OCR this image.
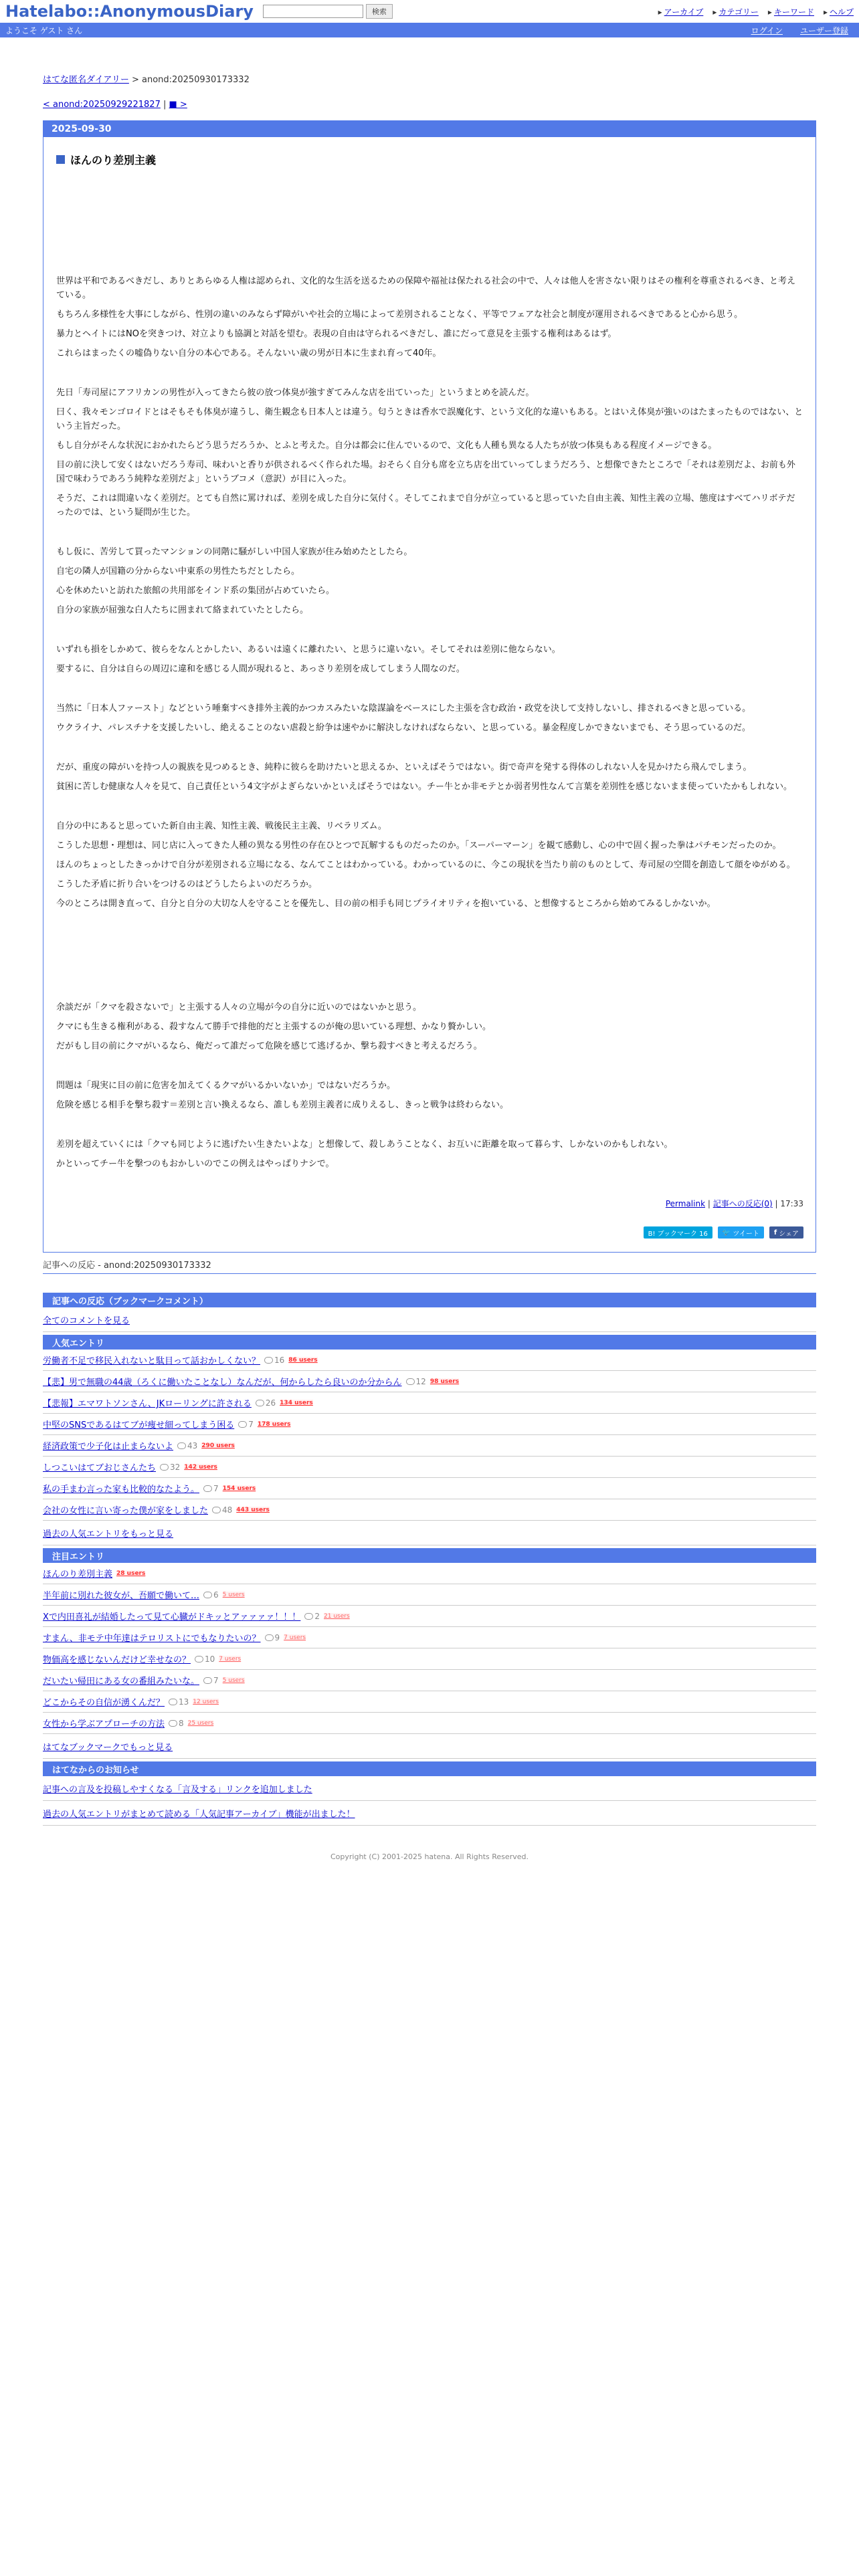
Hatelabo::AnonymousDiary	検索	▸ アーカイブ	▸ カテゴリー	▸ キーワード	▸ ヘルプ
ようこそ ゲスト さん	ログイン ユーザー登録
はてな匿名ダイアリー > anond:20250930173332
< anond:20250929221827 | ■ >
2025-09-30
ほんのり差別主義

世界は平和であるべきだし、ありとあらゆる人権は認められ、文化的な生活を送るための保障や福祉は保たれる社会の中で、人々は他人を害さない限りはその権利を尊重されるべき、と考えている。

もちろん多様性を大事にしながら、性別の違いのみならず障がいや社会的立場によって差別されることなく、平等でフェアな社会と制度が運用されるべきであると心から思う。

暴力とヘイトにはNOを突きつけ、対立よりも協調と対話を望む。表現の自由は守られるべきだし、誰にだって意見を主張する権利はあるはず。

これらはまったくの嘘偽りない自分の本心である。そんないい歳の男が日本に生まれ育って40年。

先日「寿司屋にアフリカンの男性が入ってきたら彼の放つ体臭が強すぎてみんな店を出ていった」というまとめを読んだ。

曰く、我々モンゴロイドとはそもそも体臭が違うし、衛生観念も日本人とは違う。匂うときは香水で誤魔化す、という文化的な違いもある。とはいえ体臭が強いのはたまったものではない、という主旨だった。

もし自分がそんな状況におかれたらどう思うだろうか、とふと考えた。自分は都会に住んでいるので、文化も人種も異なる人たちが放つ体臭もある程度イメージできる。

目の前に決して安くはないだろう寿司、味わいと香りが供されるべく作られた場。おそらく自分も席を立ち店を出ていってしまうだろう、と想像できたところで「それは差別だよ、お前も外国で味わうであろう純粋な差別だよ」というブコメ（意訳）が目に入った。

そうだ、これは間違いなく差別だ。とても自然に罵ければ、差別を成した自分に気付く。そしてこれまで自分が立っていると思っていた自由主義、知性主義の立場、態度はすべてハリボテだったのでは、という疑問が生じた。

もし仮に、苦労して買ったマンションの同階に騒がしい中国人家族が住み始めたとしたら。

自宅の隣人が国籍の分からない中東系の男性たちだとしたら。

心を休めたいと訪れた旅館の共用部をインド系の集団が占めていたら。

自分の家族が屈強な白人たちに囲まれて絡まれていたとしたら。

いずれも損をしかめて、彼らをなんとかしたい、あるいは遠くに離れたい、と思うに違いない。そしてそれは差別に他ならない。

要するに、自分は自らの周辺に違和を感じる人間が現れると、あっさり差別を成してしまう人間なのだ。

当然に「日本人ファースト」などという唾棄すべき排外主義的かつカスみたいな陰謀論をベースにした主張を含む政治・政党を決して支持しないし、排されるべきと思っている。

ウクライナ、パレスチナを支援したいし、絶えることのない虐殺と紛争は速やかに解決しなければならない、と思っている。暴金程度しかできないまでも、そう思っているのだ。

だが、重度の障がいを持つ人の親族を見つめるとき、純粋に彼らを助けたいと思えるか、といえばそうではない。街で奇声を発する得体のしれない人を見かけたら飛んでしまう。

貧困に苦しむ健康な人々を見て、自己責任という4文字がよぎらないかといえばそうではない。チー牛とか非モテとか弱者男性なんて言葉を差別性を感じないまま使っていたかもしれない。

自分の中にあると思っていた新自由主義、知性主義、戦後民主主義、リベラリズム。

こうした思想・理想は、同じ店に入ってきた人種の異なる男性の存在ひとつで瓦解するものだったのか。「スーパーマーン」を観て感動し、心の中で固く握った拳はパチモンだったのか。

ほんのちょっとしたきっかけで自分が差別される立場になる、なんてことはわかっている。わかっているのに、今この現状を当たり前のものとして、寿司屋の空間を創造して顔をゆがめる。

こうした矛盾に折り合いをつけるのはどうしたらよいのだろうか。

今のところは開き直って、自分と自分の大切な人を守ることを優先し、目の前の相手も同じプライオリティを抱いている、と想像するところから始めてみるしかないか。

余談だが「クマを殺さないで」と主張する人々の立場が今の自分に近いのではないかと思う。

クマにも生きる権利がある、殺すなんて勝手で排他的だと主張するのが俺の思いている理想、かなり贅かしい。

だがもし目の前にクマがいるなら、俺だって誰だって危険を感じて逃げるか、撃ち殺すべきと考えるだろう。

問題は「現実に目の前に危害を加えてくるクマがいるかいないか」ではないだろうか。

危険を感じる相手を撃ち殺す＝差別と言い換えるなら、誰しも差別主義者に成りえるし、きっと戦争は終わらない。

差別を超えていくには「クマも同じように逃げたい生きたいよな」と想像して、殺しあうことなく、お互いに距離を取って暮らす、しかないのかもしれない。

かといってチー牛を撃つのもおかしいのでこの例えはやっぱりナシで。

Permalink | 記事への反応(0) | 17:33
B! ブックマーク 16	🐦 ツイート f シェア
記事への反応 - anond:20250930173332
記事への反応（ブックマークコメント）
全てのコメントを見る
人気エントリ
労働者不足で移民入れないと駄目って話おかしくない？ 16 86 users
【悲】男で無職の44歳（ろくに働いたことなし）なんだが、何からしたら良いのか分からん 12 98 users
【悲報】エマワトソンさん、JKローリングに許される 26 134 users
中堅のSNSであるはてブが痩せ細ってしまう困る 7 178 users
経済政策で少子化は止まらないよ 43 290 users
しつこいはてブおじさんたち 32 142 users
私の手まわ言った家も比較的なたよう。 7 154 users
会社の女性に言い寄った僕が家をしました 48 443 users
過去の人気エントリをもっと見る
注目エントリ
ほんのり差別主義 28 users
半年前に別れた彼女が、吾願で働いて… 6 5 users
Xで内田喜礼が結婚したって見て心臓がドキッとアァァァァ！！！ 2 21 users
すまん、非モテ中年達はテロリストにでもなりたいの？ 9 7 users
物価高を感じないんだけど幸せなの？ 10 7 users
だいたい帰田にある女の番組みたいな。 7 5 users
どこからその自信が湧くんだ？ 13 12 users
女性から学ぶアプローチの方法 8 25 users
はてなブックマークでもっと見る
はてなからのお知らせ
記事への言及を投稿しやすくなる「言及する」リンクを追加しました
過去の人気エントリがまとめて読める「人気記事アーカイブ」機能が出ました！
Copyright (C) 2001-2025 hatena. All Rights Reserved.
